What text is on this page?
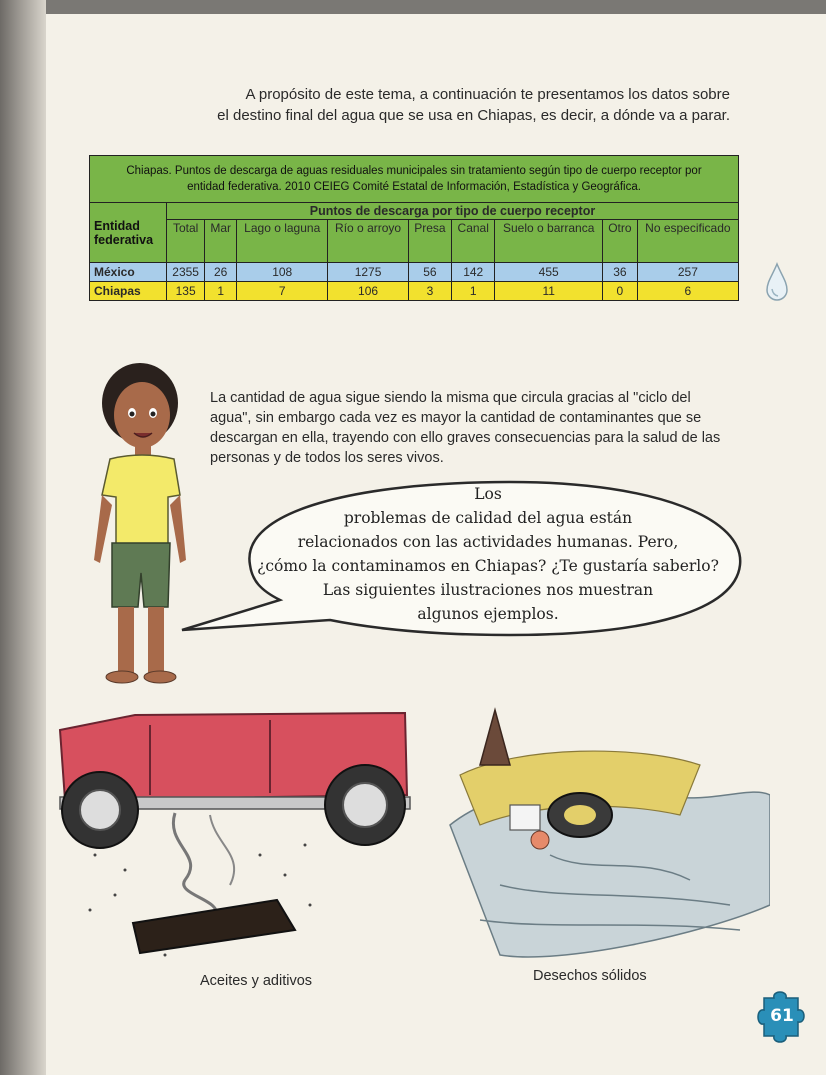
A propósito de este tema, a continuación te presentamos los datos sobre

el destino final del agua que se usa en Chiapas, es decir, a dónde va a parar.

Chiapas. Puntos de descarga de aguas residuales municipales sin tratamiento según tipo de cuerpo receptor por
entidad federativa. 2010 CEIEG Comité Estatal de Información, Estadística y Geográfica.									

Entidad federativa	Puntos de descarga por tipo de cuerpo receptor								
	Total	Mar	Lago o laguna	Río o arroyo	Presa	Canal	Suelo o barranca	Otro	No especificado
México	2355	26	108	1275	56	142	455	36	257
Chiapas	135	1	7	106	3	1	11	0	6

La cantidad de agua sigue siendo la misma que circula gracias al "ciclo del

agua", sin embargo cada vez es mayor la cantidad de contaminantes que se

descargan en ella, trayendo con ello graves consecuencias para la salud de las

personas y de todos los seres vivos.

Los

problemas de calidad del agua están

relacionados con las actividades humanas. Pero,

¿cómo la contaminamos en Chiapas? ¿Te gustaría saberlo?

Las siguientes ilustraciones nos muestran

algunos ejemplos.

Aceites y aditivos	Desechos sólidos
61
